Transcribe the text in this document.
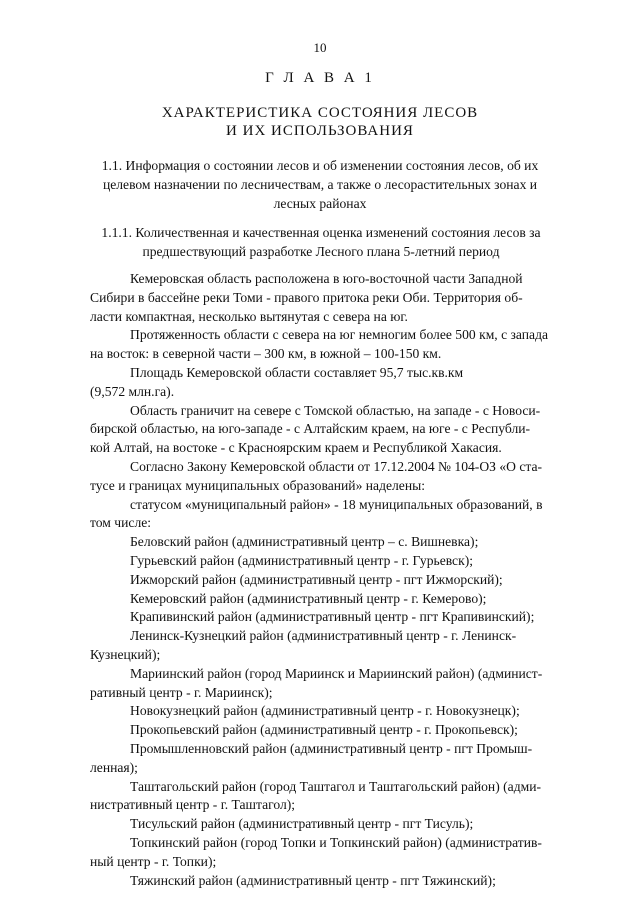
10
Г Л А В А 1
ХАРАКТЕРИСТИКА СОСТОЯНИЯ ЛЕСОВ
И ИХ ИСПОЛЬЗОВАНИЯ
1.1. Информация о состоянии лесов и об изменении состояния лесов, об их
целевом назначении по лесничествам, а также о лесорастительных зонах и
лесных районах
1.1.1. Количественная и качественная оценка изменений состояния лесов за
предшествующий разработке Лесного плана 5-летний период

Кемеровская область расположена в юго-восточной части Западной
Сибири в бассейне реки Томи - правого притока реки Оби. Территория об-
ласти компактная, несколько вытянутая с севера на юг.

Протяженность области с севера на юг немногим более 500 км, с запада
на восток: в северной части – 300 км, в южной – 100-150 км.

Площадь Кемеровской области составляет 95,7 тыс.кв.км
(9,572 млн.га).

Область граничит на севере с Томской областью, на западе - с Новоси-
бирской областью, на юго-западе - с Алтайским краем, на юге - с Республи-
кой Алтай, на востоке - с Красноярским краем и Республикой Хакасия.

Согласно Закону Кемеровской области от 17.12.2004 № 104-ОЗ «О ста-
тусе и границах муниципальных образований» наделены:

статусом «муниципальный район» - 18 муниципальных образований, в
том числе:

Беловский район (административный центр – с. Вишневка);

Гурьевский район (административный центр - г. Гурьевск);

Ижморский район (административный центр - пгт Ижморский);

Кемеровский район (административный центр - г. Кемерово);

Крапивинский район (административный центр - пгт Крапивинский);

Ленинск-Кузнецкий район (административный центр - г. Ленинск-
Кузнецкий);

Мариинский район (город Мариинск и Мариинский район) (админист-
ративный центр - г. Мариинск);

Новокузнецкий район (административный центр - г. Новокузнецк);

Прокопьевский район (административный центр - г. Прокопьевск);

Промышленновский район (административный центр - пгт Промыш-
ленная);

Таштагольский район (город Таштагол и Таштагольский район) (адми-
нистративный центр - г. Таштагол);

Тисульский район (административный центр - пгт Тисуль);

Топкинский район (город Топки и Топкинский район) (административ-
ный центр - г. Топки);

Тяжинский район (административный центр - пгт Тяжинский);
